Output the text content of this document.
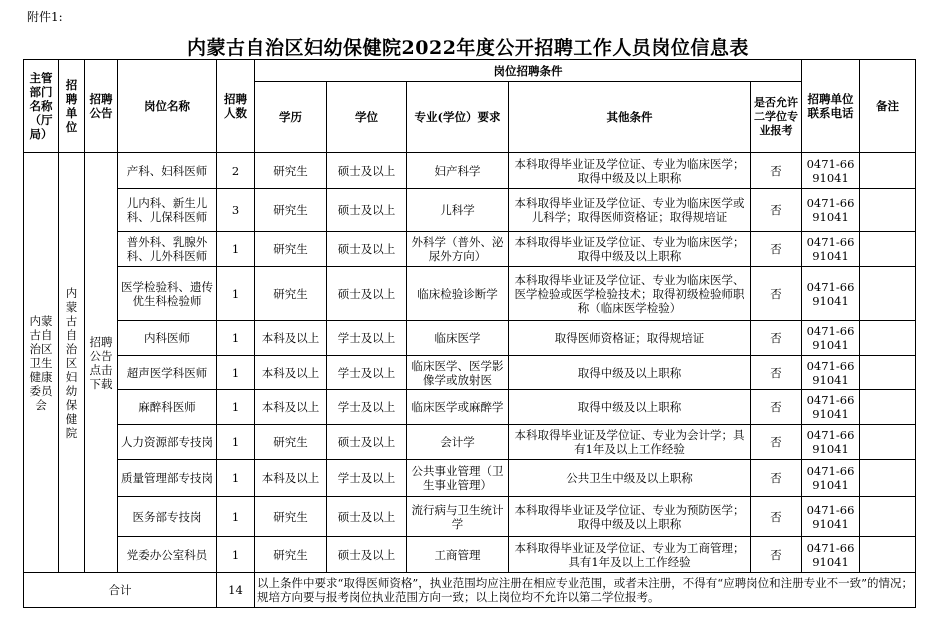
附件1:
内蒙古自治区妇幼保健院2022年度公开招聘工作人员岗位信息表
主管部门名称（厅局）	招聘单位	招聘公告	岗位名称	招聘人数	岗位招聘条件					招聘单位联系电话	备注
					学历	学位	专业(学位）要求	其他条件	是否允许二学位专业报考		
内蒙古自治区卫生健康委员会	内蒙古自治区妇幼保健院	招聘公告点击下载	产科、妇科医师	2	研究生	硕士及以上	妇产科学	本科取得毕业证及学位证、专业为临床医学；取得中级及以上职称	否	0471-6691041	
			儿内科、新生儿科、儿保科医师	3	研究生	硕士及以上	儿科学	本科取得毕业证及学位证、专业为临床医学或儿科学；取得医师资格证；取得规培证	否	0471-6691041	
			普外科、乳腺外科、儿外科医师	1	研究生	硕士及以上	外科学（普外、泌尿外方向）	本科取得毕业证及学位证、专业为临床医学；取得中级及以上职称	否	0471-6691041	
			医学检验科、遗传优生科检验师	1	研究生	硕士及以上	临床检验诊断学	本科取得毕业证及学位证、专业为临床医学、医学检验或医学检验技术；取得初级检验师职称（临床医学检验）	否	0471-6691041	
			内科医师	1	本科及以上	学士及以上	临床医学	取得医师资格证；取得规培证	否	0471-6691041	
			超声医学科医师	1	本科及以上	学士及以上	临床医学、医学影像学或放射医	取得中级及以上职称	否	0471-6691041	
			麻醉科医师	1	本科及以上	学士及以上	临床医学或麻醉学	取得中级及以上职称	否	0471-6691041	
			人力资源部专技岗	1	研究生	硕士及以上	会计学	本科取得毕业证及学位证、专业为会计学；具有1年及以上工作经验	否	0471-6691041	
			质量管理部专技岗	1	本科及以上	学士及以上	公共事业管理（卫生事业管理）	公共卫生中级及以上职称	否	0471-6691041	
			医务部专技岗	1	研究生	硕士及以上	流行病与卫生统计学	本科取得毕业证及学位证、专业为预防医学；取得中级及以上职称	否	0471-6691041	
			党委办公室科员	1	研究生	硕士及以上	工商管理	本科取得毕业证及学位证、专业为工商管理；具有1年及以上工作经验	否	0471-6691041	
合计				14	以上条件中要求“取得医师资格”，执业范围均应注册在相应专业范围，或者未注册，不得有“应聘岗位和注册专业不一致”的情况；规培方向要与报考岗位执业范围方向一致；以上岗位均不允许以第二学位报考。						
